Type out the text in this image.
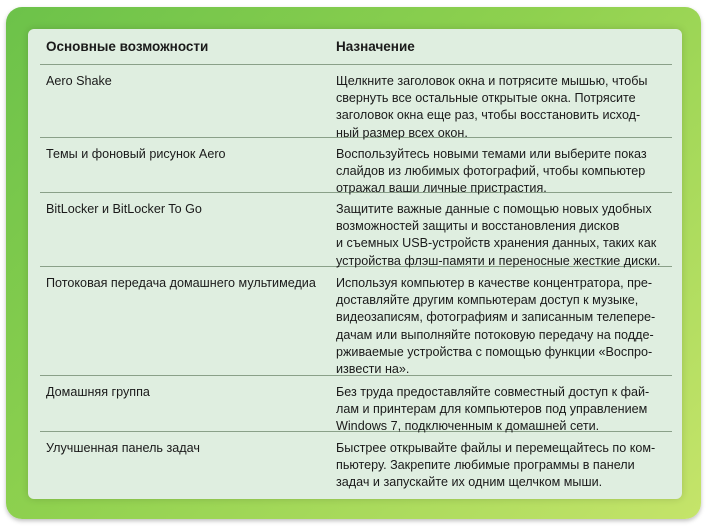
Основные возможности	Назначение
Aero Shake	Щелкните заголовок окна и потрясите мышью, чтобы
свернуть все остальные открытые окна. Потрясите
заголовок окна еще раз, чтобы восстановить исход-
ный размер всех окон.
Темы и фоновый рисунок Aero	Воспользуйтесь новыми темами или выберите показ
слайдов из любимых фотографий, чтобы компьютер
отражал ваши личные пристрастия.
BitLocker и BitLocker To Go	Защитите важные данные с помощью новых удобных
возможностей защиты и восстановления дисков
и съемных USB-устройств хранения данных, таких как
устройства флэш-памяти и переносные жесткие диски.
Потоковая передача домашнего мультимедиа	Используя компьютер в качестве концентратора, пре-
доставляйте другим компьютерам доступ к музыке,
видеозаписям, фотографиям и записанным телепере-
дачам или выполняйте потоковую передачу на подде-
рживаемые устройства с помощью функции «Воспро-
извести на».
Домашняя группа	Без труда предоставляйте совместный доступ к фай-
лам и принтерам для компьютеров под управлением
Windows 7, подключенным к домашней сети.
Улучшенная панель задач	Быстрее открывайте файлы и перемещайтесь по ком-
пьютеру. Закрепите любимые программы в панели
задач и запускайте их одним щелчком мыши.
